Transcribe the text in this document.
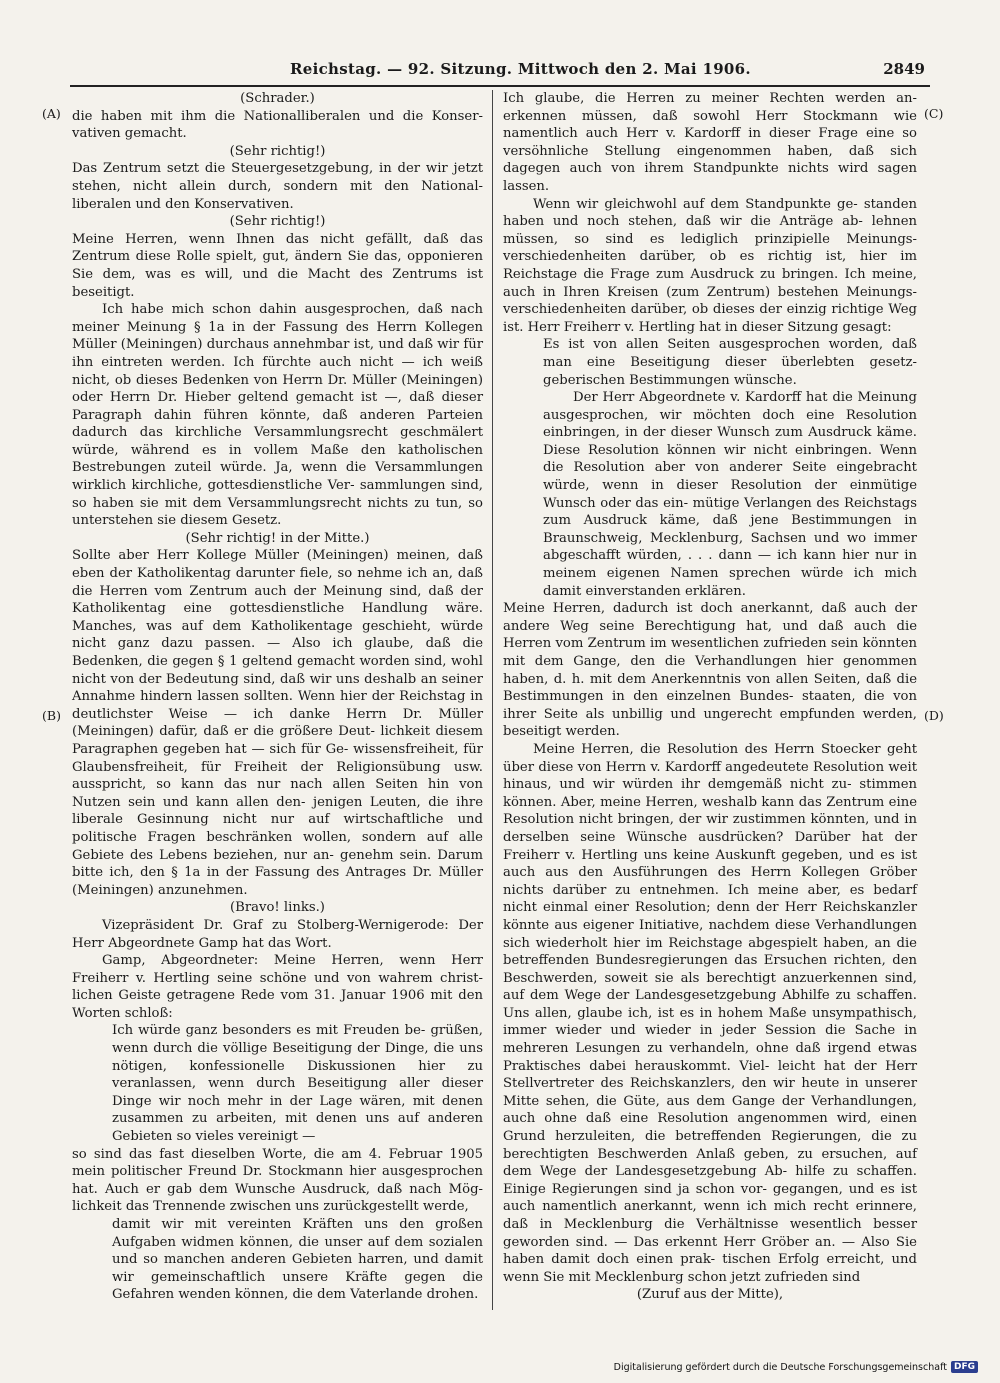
Reichstag. — 92. Sitzung. Mittwoch den 2. Mai 1906.	2849
(A)
(B)
(C)
(D)

(Schrader.)

die haben mit ihm die Nationalliberalen und die Konser- vativen gemacht.

(Sehr richtig!)

Das Zentrum setzt die Steuergesetzgebung, in der wir jetzt stehen, nicht allein durch, sondern mit den National- liberalen und den Konservativen.

(Sehr richtig!)

Meine Herren, wenn Ihnen das nicht gefällt, daß das Zentrum diese Rolle spielt, gut, ändern Sie das, opponieren Sie dem, was es will, und die Macht des Zentrums ist beseitigt.

Ich habe mich schon dahin ausgesprochen, daß nach meiner Meinung § 1a in der Fassung des Herrn Kollegen Müller (Meiningen) durchaus annehmbar ist, und daß wir für ihn eintreten werden. Ich fürchte auch nicht — ich weiß nicht, ob dieses Bedenken von Herrn Dr. Müller (Meiningen) oder Herrn Dr. Hieber geltend gemacht ist —, daß dieser Paragraph dahin führen könnte, daß anderen Parteien dadurch das kirchliche Versammlungsrecht geschmälert würde, während es in vollem Maße den katholischen Bestrebungen zuteil würde. Ja, wenn die Versammlungen wirklich kirchliche, gottesdienstliche Ver- sammlungen sind, so haben sie mit dem Versammlungsrecht nichts zu tun, so unterstehen sie diesem Gesetz.

(Sehr richtig! in der Mitte.)

Sollte aber Herr Kollege Müller (Meiningen) meinen, daß eben der Katholikentag darunter fiele, so nehme ich an, daß die Herren vom Zentrum auch der Meinung sind, daß der Katholikentag eine gottesdienstliche Handlung wäre. Manches, was auf dem Katholikentage geschieht, würde nicht ganz dazu passen. — Also ich glaube, daß die Bedenken, die gegen § 1 geltend gemacht worden sind, wohl nicht von der Bedeutung sind, daß wir uns deshalb an seiner Annahme hindern lassen sollten. Wenn hier der Reichstag in deutlichster Weise — ich danke Herrn Dr. Müller (Meiningen) dafür, daß er die größere Deut- lichkeit diesem Paragraphen gegeben hat — sich für Ge- wissensfreiheit, für Glaubensfreiheit, für Freiheit der Religionsübung usw. ausspricht, so kann das nur nach allen Seiten hin von Nutzen sein und kann allen den- jenigen Leuten, die ihre liberale Gesinnung nicht nur auf wirtschaftliche und politische Fragen beschränken wollen, sondern auf alle Gebiete des Lebens beziehen, nur an- genehm sein. Darum bitte ich, den § 1a in der Fassung des Antrages Dr. Müller (Meiningen) anzunehmen.

(Bravo! links.)

Vizepräsident Dr. Graf zu Stolberg-Wernigerode: Der Herr Abgeordnete Gamp hat das Wort.

Gamp, Abgeordneter: Meine Herren, wenn Herr Freiherr v. Hertling seine schöne und von wahrem christ- lichen Geiste getragene Rede vom 31. Januar 1906 mit den Worten schloß:

Ich würde ganz besonders es mit Freuden be- grüßen, wenn durch die völlige Beseitigung der Dinge, die uns nötigen, konfessionelle Diskussionen hier zu veranlassen, wenn durch Beseitigung aller dieser Dinge wir noch mehr in der Lage wären, mit denen zusammen zu arbeiten, mit denen uns auf anderen Gebieten so vieles vereinigt —

so sind das fast dieselben Worte, die am 4. Februar 1905 mein politischer Freund Dr. Stockmann hier ausgesprochen hat. Auch er gab dem Wunsche Ausdruck, daß nach Mög- lichkeit das Trennende zwischen uns zurückgestellt werde,

damit wir mit vereinten Kräften uns den großen Aufgaben widmen können, die unser auf dem sozialen und so manchen anderen Gebieten harren, und damit wir gemeinschaftlich unsere Kräfte gegen die Gefahren wenden können, die dem Vaterlande drohen.

Ich glaube, die Herren zu meiner Rechten werden an- erkennen müssen, daß sowohl Herr Stockmann wie namentlich auch Herr v. Kardorff in dieser Frage eine so versöhnliche Stellung eingenommen haben, daß sich dagegen auch von ihrem Standpunkte nichts wird sagen lassen.

Wenn wir gleichwohl auf dem Standpunkte ge- standen haben und noch stehen, daß wir die Anträge ab- lehnen müssen, so sind es lediglich prinzipielle Meinungs- verschiedenheiten darüber, ob es richtig ist, hier im Reichstage die Frage zum Ausdruck zu bringen. Ich meine, auch in Ihren Kreisen (zum Zentrum) bestehen Meinungs- verschiedenheiten darüber, ob dieses der einzig richtige Weg ist. Herr Freiherr v. Hertling hat in dieser Sitzung gesagt:

Es ist von allen Seiten ausgesprochen worden, daß man eine Beseitigung dieser überlebten gesetz- geberischen Bestimmungen wünsche.

Der Herr Abgeordnete v. Kardorff hat die Meinung ausgesprochen, wir möchten doch eine Resolution einbringen, in der dieser Wunsch zum Ausdruck käme. Diese Resolution können wir nicht einbringen. Wenn die Resolution aber von anderer Seite eingebracht würde, wenn in dieser Resolution der einmütige Wunsch oder das ein- mütige Verlangen des Reichstags zum Ausdruck käme, daß jene Bestimmungen in Braunschweig, Mecklenburg, Sachsen und wo immer abgeschafft würden, . . . dann — ich kann hier nur in meinem eigenen Namen sprechen würde ich mich damit einverstanden erklären.

Meine Herren, dadurch ist doch anerkannt, daß auch der andere Weg seine Berechtigung hat, und daß auch die Herren vom Zentrum im wesentlichen zufrieden sein könnten mit dem Gange, den die Verhandlungen hier genommen haben, d. h. mit dem Anerkenntnis von allen Seiten, daß die Bestimmungen in den einzelnen Bundes- staaten, die von ihrer Seite als unbillig und ungerecht empfunden werden, beseitigt werden.

Meine Herren, die Resolution des Herrn Stoecker geht über diese von Herrn v. Kardorff angedeutete Resolution weit hinaus, und wir würden ihr demgemäß nicht zu- stimmen können. Aber, meine Herren, weshalb kann das Zentrum eine Resolution nicht bringen, der wir zustimmen könnten, und in derselben seine Wünsche ausdrücken? Darüber hat der Freiherr v. Hertling uns keine Auskunft gegeben, und es ist auch aus den Ausführungen des Herrn Kollegen Gröber nichts darüber zu entnehmen. Ich meine aber, es bedarf nicht einmal einer Resolution; denn der Herr Reichskanzler könnte aus eigener Initiative, nachdem diese Verhandlungen sich wiederholt hier im Reichstage abgespielt haben, an die betreffenden Bundesregierungen das Ersuchen richten, den Beschwerden, soweit sie als berechtigt anzuerkennen sind, auf dem Wege der Landesgesetzgebung Abhilfe zu schaffen. Uns allen, glaube ich, ist es in hohem Maße unsympathisch, immer wieder und wieder in jeder Session die Sache in mehreren Lesungen zu verhandeln, ohne daß irgend etwas Praktisches dabei herauskommt. Viel- leicht hat der Herr Stellvertreter des Reichskanzlers, den wir heute in unserer Mitte sehen, die Güte, aus dem Gange der Verhandlungen, auch ohne daß eine Resolution angenommen wird, einen Grund herzuleiten, die betreffenden Regierungen, die zu berechtigten Beschwerden Anlaß geben, zu ersuchen, auf dem Wege der Landesgesetzgebung Ab- hilfe zu schaffen. Einige Regierungen sind ja schon vor- gegangen, und es ist auch namentlich anerkannt, wenn ich mich recht erinnere, daß in Mecklenburg die Verhältnisse wesentlich besser geworden sind. — Das erkennt Herr Gröber an. — Also Sie haben damit doch einen prak- tischen Erfolg erreicht, und wenn Sie mit Mecklenburg schon jetzt zufrieden sind

(Zuruf aus der Mitte),

Digitalisierung gefördert durch die Deutsche Forschungsgemeinschaft DFG
